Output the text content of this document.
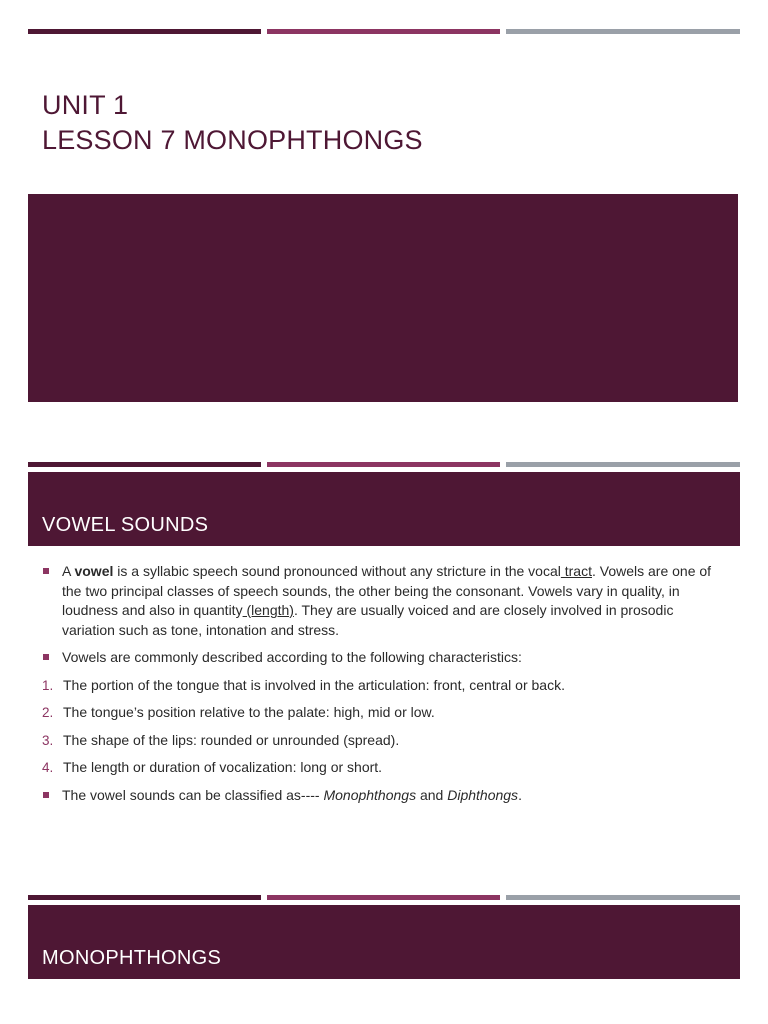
UNIT 1
LESSON 7 MONOPHTHONGS
VOWEL SOUNDS
A vowel is a syllabic speech sound pronounced without any stricture in the vocal tract. Vowels are one of the two principal classes of speech sounds, the other being the consonant. Vowels vary in quality, in loudness and also in quantity (length). They are usually voiced and are closely involved in prosodic variation such as tone, intonation and stress.
Vowels are commonly described according to the following characteristics:
1. The portion of the tongue that is involved in the articulation: front, central or back.
2. The tongue’s position relative to the palate: high, mid or low.
3. The shape of the lips: rounded or unrounded (spread).
4. The length or duration of vocalization: long or short.
The vowel sounds can be classified as---- Monophthongs and Diphthongs.
MONOPHTHONGS
